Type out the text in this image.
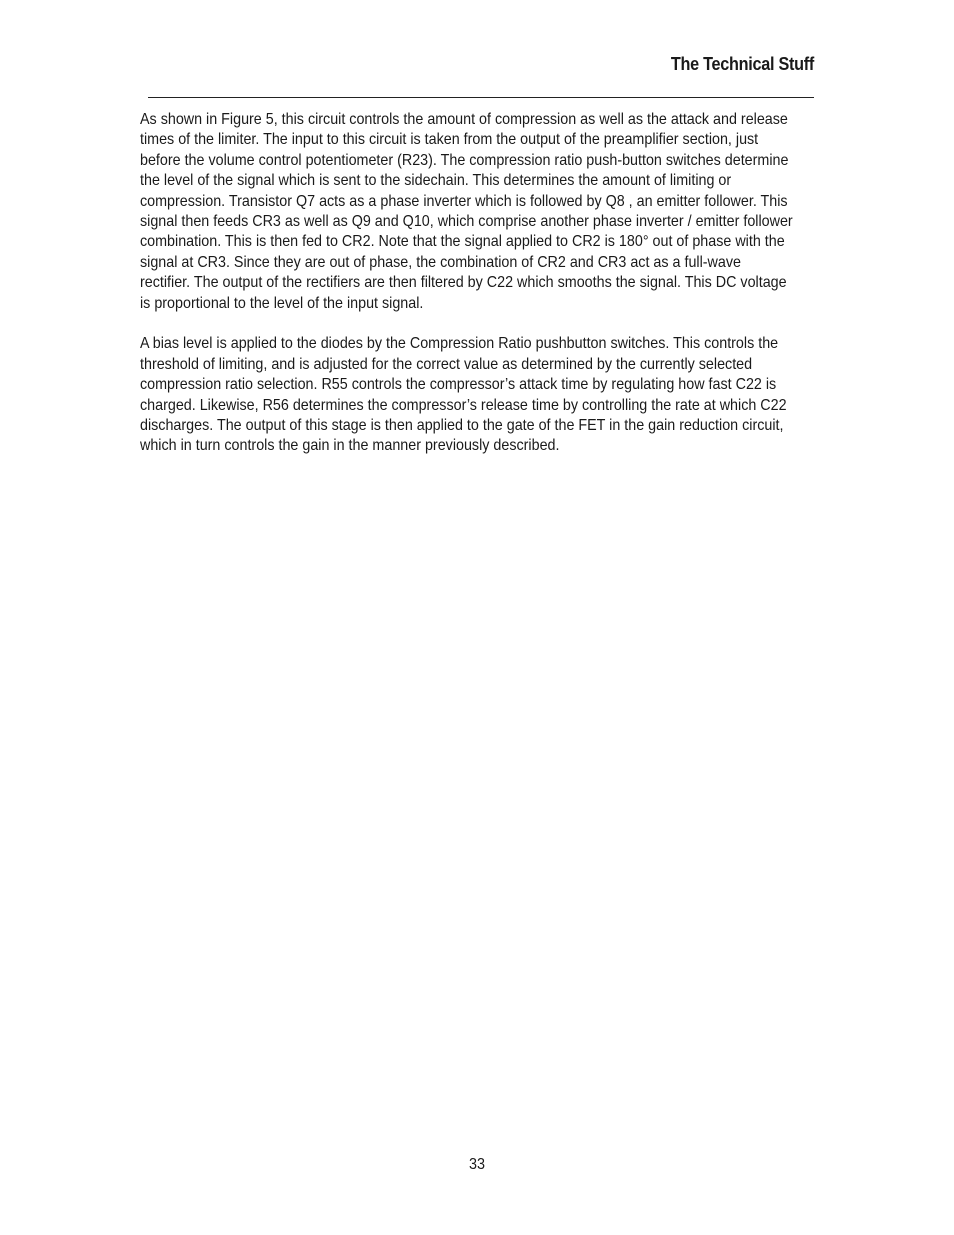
The Technical Stuff

As shown in Figure 5, this circuit controls the amount of compression as well as the attack and release
times of the limiter. The input to this circuit is taken from the output of the preamplifier section, just
before the volume control potentiometer (R23). The compression ratio push-button switches determine
the level of the signal which is sent to the sidechain. This determines the amount of limiting or
compression. Transistor Q7 acts as a phase inverter which is followed by Q8 , an emitter follower. This
signal then feeds CR3 as well as Q9 and Q10, which comprise another phase inverter / emitter follower
combination. This is then fed to CR2. Note that the signal applied to CR2 is 180° out of phase with the
signal at CR3. Since they are out of phase, the combination of CR2 and CR3 act as a full-wave
rectifier. The output of the rectifiers are then filtered by C22 which smooths the signal. This DC voltage
is proportional to the level of the input signal.

A bias level is applied to the diodes by the Compression Ratio pushbutton switches. This controls the
threshold of limiting, and is adjusted for the correct value as determined by the currently selected
compression ratio selection. R55 controls the compressor’s attack time by regulating how fast C22 is
charged. Likewise, R56 determines the compressor’s release time by controlling the rate at which C22
discharges. The output of this stage is then applied to the gate of the FET in the gain reduction circuit,
which in turn controls the gain in the manner previously described.

33
